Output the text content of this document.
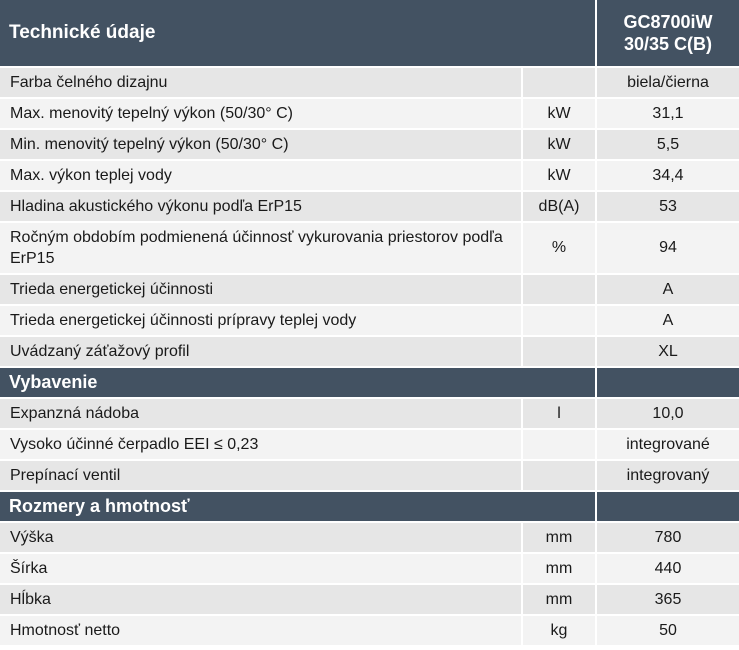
Technické údaje		GC8700iW
30/35 C(B)

Farba čelného dizajnu		biela/čierna
Max. menovitý tepelný výkon (50/30° C)	kW	31,1
Min. menovitý tepelný výkon (50/30° C)	kW	5,5
Max. výkon teplej vody	kW	34,4
Hladina akustického výkonu podľa ErP15	dB(A)	53
Ročným obdobím podmienená účinnosť vykurovania priestorov podľa ErP15	%	94
Trieda energetickej účinnosti		A
Trieda energetickej účinnosti prípravy teplej vody		A
Uvádzaný záťažový profil		XL
Vybavenie		
Expanzná nádoba	l	10,0
Vysoko účinné čerpadlo EEI ≤ 0,23		integrované
Prepínací ventil		integrovaný
Rozmery a hmotnosť		
Výška	mm	780
Šírka	mm	440
Hĺbka	mm	365
Hmotnosť netto	kg	50
